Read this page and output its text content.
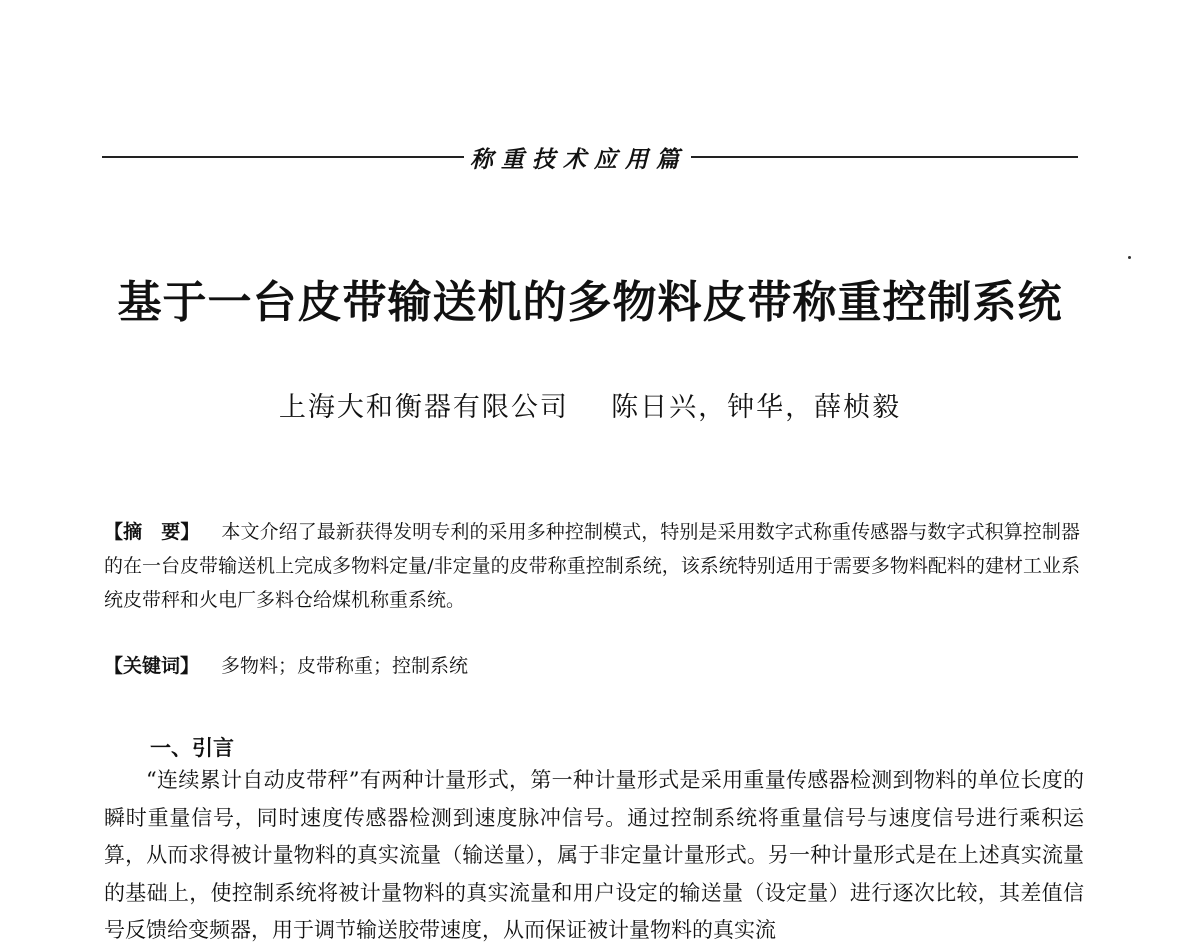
称重技术应用篇
基于一台皮带输送机的多物料皮带称重控制系统
上海大和衡器有限公司    陈日兴，钟华，薛桢毅
【摘　要】 本文介绍了最新获得发明专利的采用多种控制模式，特别是采用数字式称重传感器与数字式积算控制器的在一台皮带输送机上完成多物料定量/非定量的皮带称重控制系统，该系统特别适用于需要多物料配料的建材工业系统皮带秤和火电厂多料仓给煤机称重系统。
【关键词】 多物料；皮带称重；控制系统
一、引言
“连续累计自动皮带秤”有两种计量形式，第一种计量形式是采用重量传感器检测到物料的单位长度的瞬时重量信号，同时速度传感器检测到速度脉冲信号。通过控制系统将重量信号与速度信号进行乘积运算，从而求得被计量物料的真实流量（输送量），属于非定量计量形式。另一种计量形式是在上述真实流量的基础上，使控制系统将被计量物料的真实流量和用户设定的输送量（设定量）进行逐次比较，其差值信号反馈给变频器，用于调节输送胶带速度，从而保证被计量物料的真实流
